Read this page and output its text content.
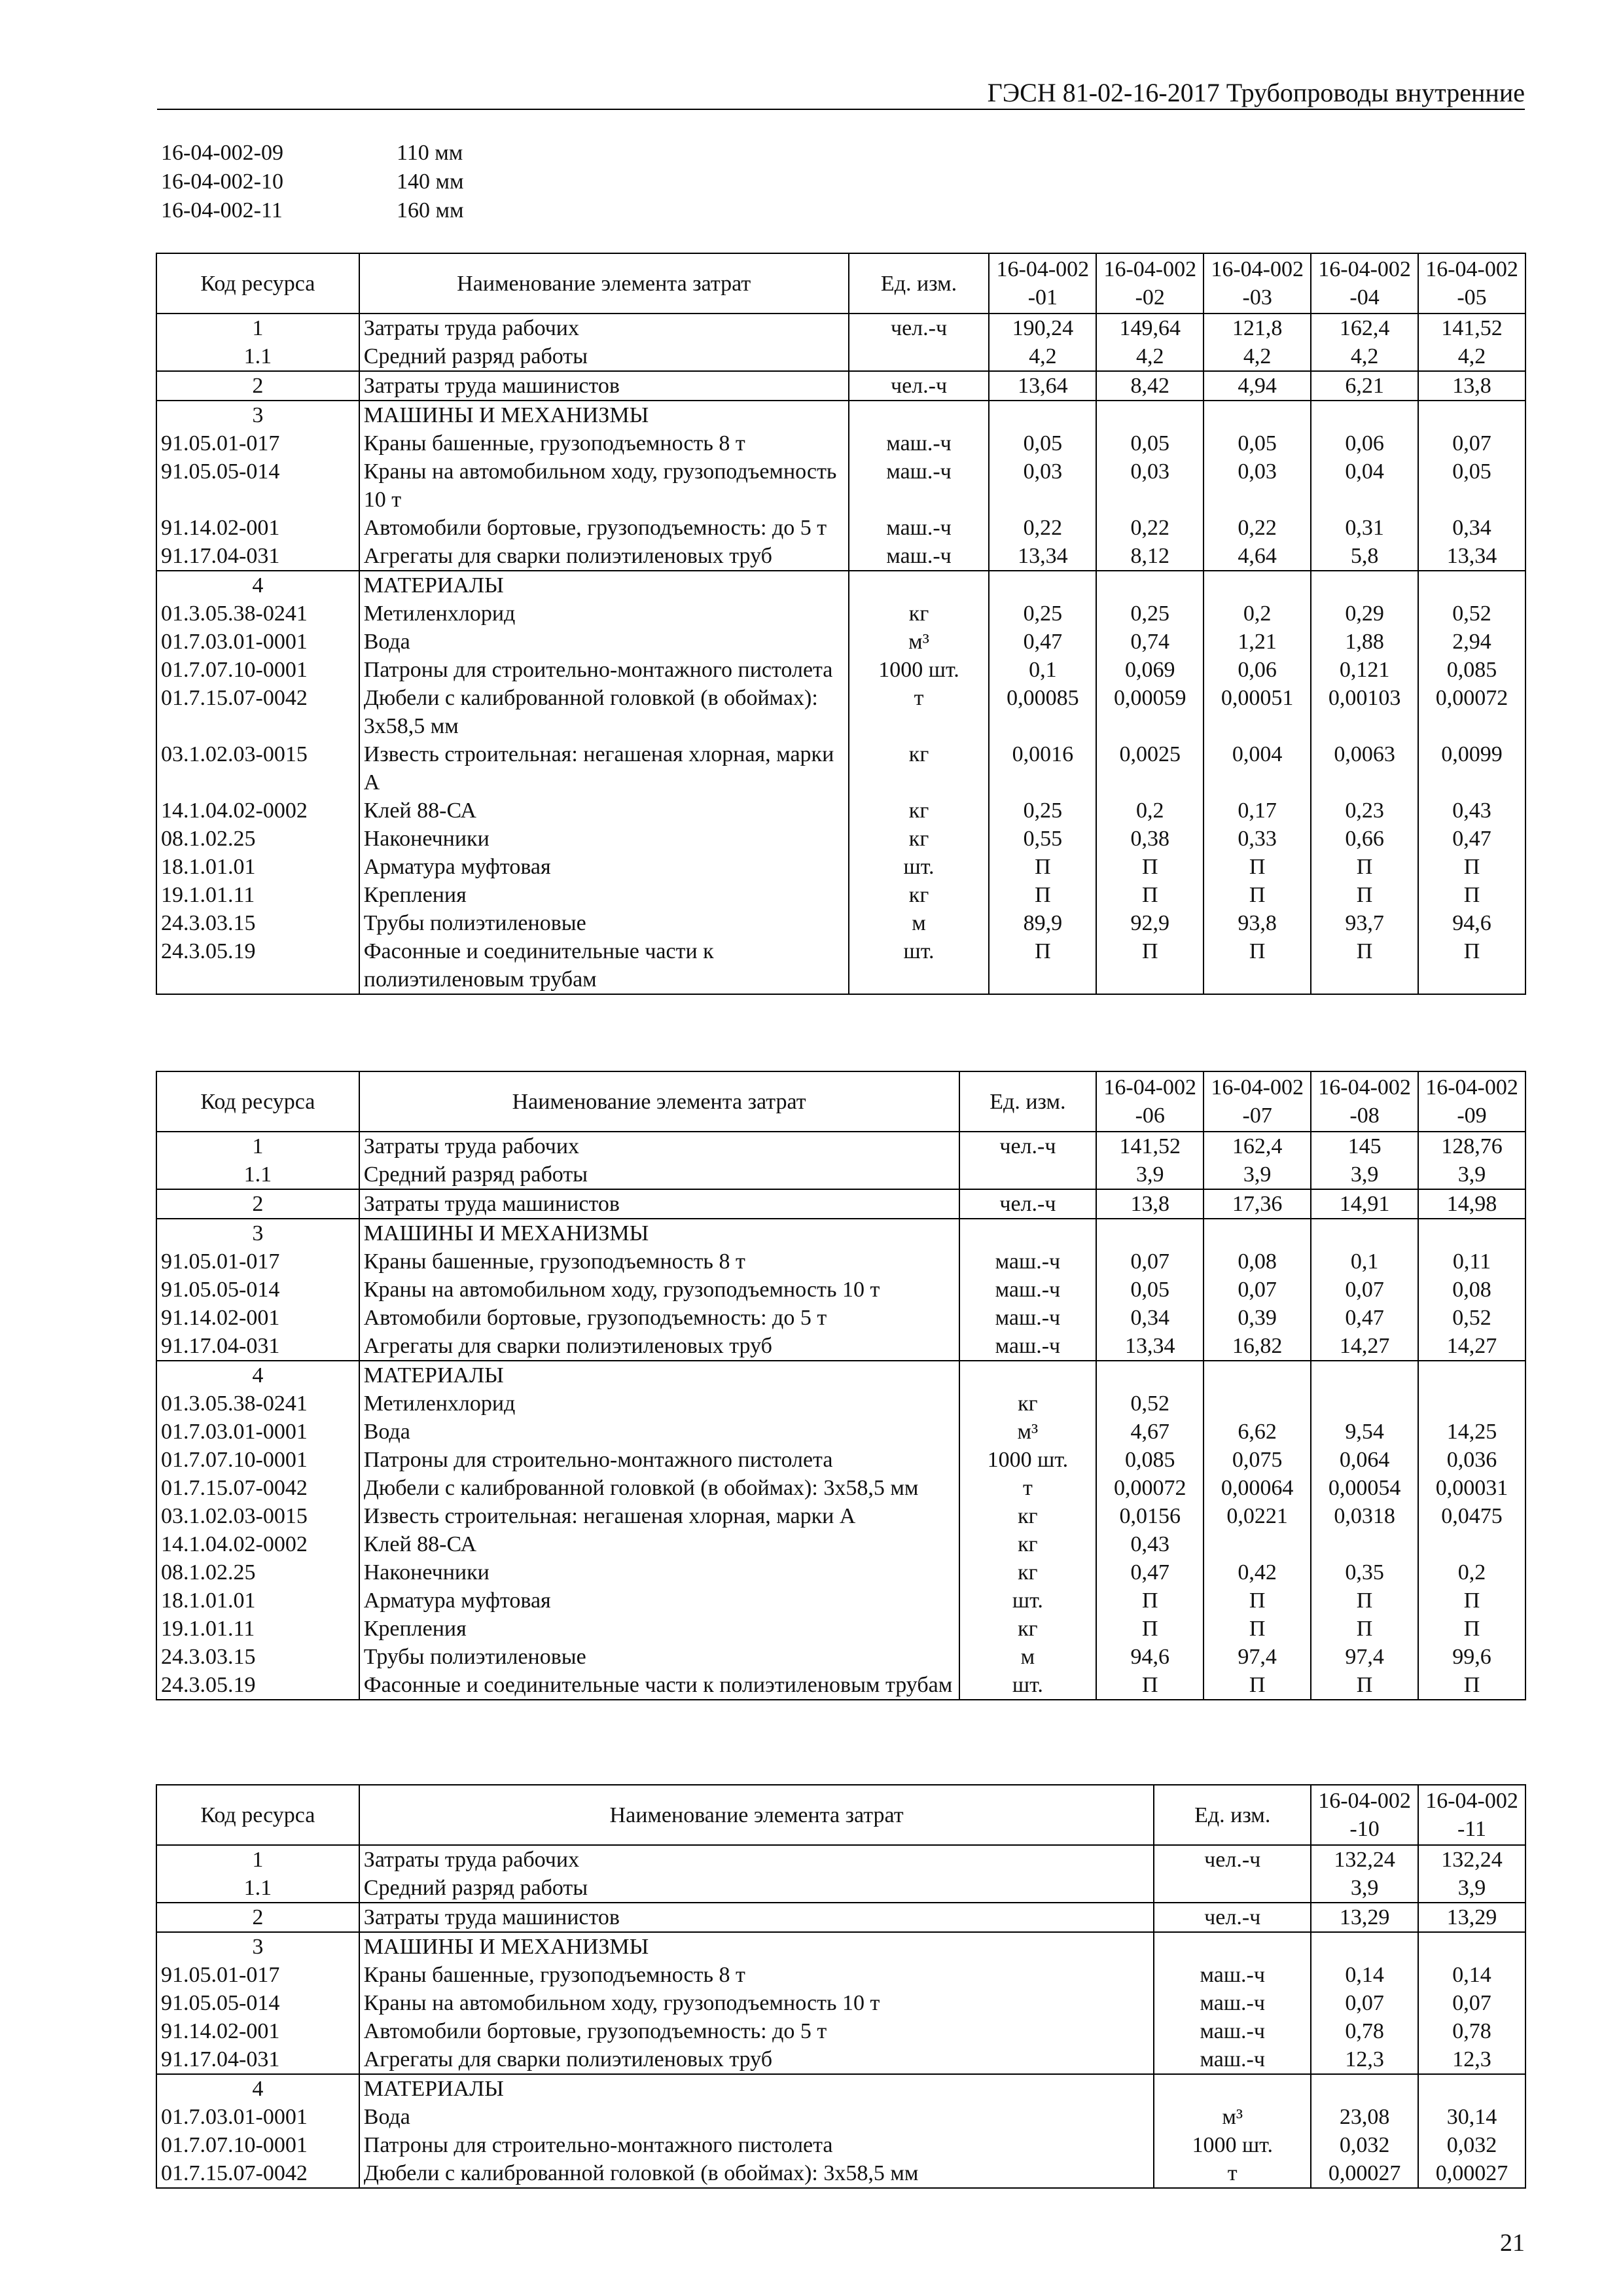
ГЭСН 81-02-16-2017 Трубопроводы внутренние
16-04-002-09	110 мм
16-04-002-10	140 мм
16-04-002-11	160 мм
Код ресурса	Наименование элемента затрат	Ед. изм.	16-04-002-01	16-04-002-02	16-04-002-03	16-04-002-04	16-04-002-05
1	Затраты труда рабочих	чел.-ч	190,24	149,64	121,8	162,4	141,52
1.1	Средний разряд работы		4,2	4,2	4,2	4,2	4,2
2	Затраты труда машинистов	чел.-ч	13,64	8,42	4,94	6,21	13,8
3	МАШИНЫ И МЕХАНИЗМЫ						
91.05.01-017	Краны башенные, грузоподъемность 8 т	маш.-ч	0,05	0,05	0,05	0,06	0,07
91.05.05-014	Краны на автомобильном ходу, грузоподъемность 10 т	маш.-ч	0,03	0,03	0,03	0,04	0,05
91.14.02-001	Автомобили бортовые, грузоподъемность: до 5 т	маш.-ч	0,22	0,22	0,22	0,31	0,34
91.17.04-031	Агрегаты для сварки полиэтиленовых труб	маш.-ч	13,34	8,12	4,64	5,8	13,34
4	МАТЕРИАЛЫ						
01.3.05.38-0241	Метиленхлорид	кг	0,25	0,25	0,2	0,29	0,52
01.7.03.01-0001	Вода	м³	0,47	0,74	1,21	1,88	2,94
01.7.07.10-0001	Патроны для строительно-монтажного пистолета	1000 шт.	0,1	0,069	0,06	0,121	0,085
01.7.15.07-0042	Дюбели с калиброванной головкой (в обоймах): 3х58,5 мм	т	0,00085	0,00059	0,00051	0,00103	0,00072
03.1.02.03-0015	Известь строительная: негашеная хлорная, марки А	кг	0,0016	0,0025	0,004	0,0063	0,0099
14.1.04.02-0002	Клей 88-СА	кг	0,25	0,2	0,17	0,23	0,43
08.1.02.25	Наконечники	кг	0,55	0,38	0,33	0,66	0,47
18.1.01.01	Арматура муфтовая	шт.	П	П	П	П	П
19.1.01.11	Крепления	кг	П	П	П	П	П
24.3.03.15	Трубы полиэтиленовые	м	89,9	92,9	93,8	93,7	94,6
24.3.05.19	Фасонные и соединительные части к полиэтиленовым трубам	шт.	П	П	П	П	П
Код ресурса	Наименование элемента затрат	Ед. изм.	16-04-002-06	16-04-002-07	16-04-002-08	16-04-002-09
1	Затраты труда рабочих	чел.-ч	141,52	162,4	145	128,76
1.1	Средний разряд работы		3,9	3,9	3,9	3,9
2	Затраты труда машинистов	чел.-ч	13,8	17,36	14,91	14,98
3	МАШИНЫ И МЕХАНИЗМЫ					
91.05.01-017	Краны башенные, грузоподъемность 8 т	маш.-ч	0,07	0,08	0,1	0,11
91.05.05-014	Краны на автомобильном ходу, грузоподъемность 10 т	маш.-ч	0,05	0,07	0,07	0,08
91.14.02-001	Автомобили бортовые, грузоподъемность: до 5 т	маш.-ч	0,34	0,39	0,47	0,52
91.17.04-031	Агрегаты для сварки полиэтиленовых труб	маш.-ч	13,34	16,82	14,27	14,27
4	МАТЕРИАЛЫ					
01.3.05.38-0241	Метиленхлорид	кг	0,52			
01.7.03.01-0001	Вода	м³	4,67	6,62	9,54	14,25
01.7.07.10-0001	Патроны для строительно-монтажного пистолета	1000 шт.	0,085	0,075	0,064	0,036
01.7.15.07-0042	Дюбели с калиброванной головкой (в обоймах): 3х58,5 мм	т	0,00072	0,00064	0,00054	0,00031
03.1.02.03-0015	Известь строительная: негашеная хлорная, марки А	кг	0,0156	0,0221	0,0318	0,0475
14.1.04.02-0002	Клей 88-СА	кг	0,43			
08.1.02.25	Наконечники	кг	0,47	0,42	0,35	0,2
18.1.01.01	Арматура муфтовая	шт.	П	П	П	П
19.1.01.11	Крепления	кг	П	П	П	П
24.3.03.15	Трубы полиэтиленовые	м	94,6	97,4	97,4	99,6
24.3.05.19	Фасонные и соединительные части к полиэтиленовым трубам	шт.	П	П	П	П
Код ресурса	Наименование элемента затрат	Ед. изм.	16-04-002-10	16-04-002-11
1	Затраты труда рабочих	чел.-ч	132,24	132,24
1.1	Средний разряд работы		3,9	3,9
2	Затраты труда машинистов	чел.-ч	13,29	13,29
3	МАШИНЫ И МЕХАНИЗМЫ			
91.05.01-017	Краны башенные, грузоподъемность 8 т	маш.-ч	0,14	0,14
91.05.05-014	Краны на автомобильном ходу, грузоподъемность 10 т	маш.-ч	0,07	0,07
91.14.02-001	Автомобили бортовые, грузоподъемность: до 5 т	маш.-ч	0,78	0,78
91.17.04-031	Агрегаты для сварки полиэтиленовых труб	маш.-ч	12,3	12,3
4	МАТЕРИАЛЫ			
01.7.03.01-0001	Вода	м³	23,08	30,14
01.7.07.10-0001	Патроны для строительно-монтажного пистолета	1000 шт.	0,032	0,032
01.7.15.07-0042	Дюбели с калиброванной головкой (в обоймах): 3х58,5 мм	т	0,00027	0,00027
21
